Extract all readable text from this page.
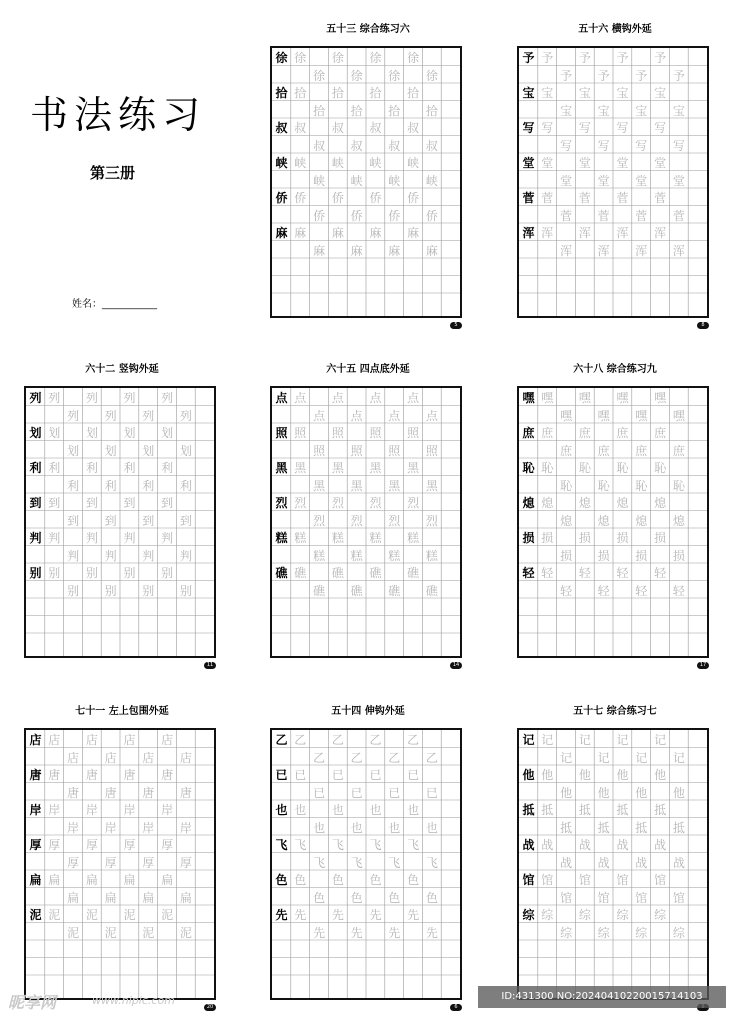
书法练习
第三册
姓名：___________
五十三 综合练习六
徐 徐 徐 徐 徐
徐 徐 徐 徐
拾 拾 拾 拾 拾
拾 拾 拾 拾
叔 叔 叔 叔 叔
叔 叔 叔 叔
峡 峡 峡 峡 峡
峡 峡 峡 峡
侨 侨 侨 侨 侨
侨 侨 侨 侨
麻 麻 麻 麻 麻
麻 麻 麻 麻
5
五十六 横钩外延
予 予 予 予 予
予 予 予 予
宝 宝 宝 宝 宝
宝 宝 宝 宝
写 写 写 写 写
写 写 写 写
堂 堂 堂 堂 堂
堂 堂 堂 堂
菅 菅 菅 菅 菅
菅 菅 菅 菅
浑 浑 浑 浑 浑
浑 浑 浑 浑
8
六十二 竖钩外延
列 列 列 列 列
列 列 列 列
划 划 划 划 划
划 划 划 划
利 利 利 利 利
利 利 利 利
到 到 到 到 到
到 到 到 到
判 判 判 判 判
判 判 判 判
别 别 别 别 别
别 别 别 别
11
六十五 四点底外延
点 点 点 点 点
点 点 点 点
照 照 照 照 照
照 照 照 照
黑 黑 黑 黑 黑
黑 黑 黑 黑
烈 烈 烈 烈 烈
烈 烈 烈 烈
糕 糕 糕 糕 糕
糕 糕 糕 糕
礁 礁 礁 礁 礁
礁 礁 礁 礁
14
六十八 综合练习九
嘿 嘿 嘿 嘿 嘿
嘿 嘿 嘿 嘿
庶 庶 庶 庶 庶
庶 庶 庶 庶
恥 恥 恥 恥 恥
恥 恥 恥 恥
熄 熄 熄 熄 熄
熄 熄 熄 熄
损 损 损 损 损
损 损 损 损
轻 轻 轻 轻 轻
轻 轻 轻 轻
17
七十一 左上包围外延
店 店 店 店 店
店 店 店 店
唐 唐 唐 唐 唐
唐 唐 唐 唐
岸 岸 岸 岸 岸
岸 岸 岸 岸
厚 厚 厚 厚 厚
厚 厚 厚 厚
扁 扁 扁 扁 扁
扁 扁 扁 扁
泥 泥 泥 泥 泥
泥 泥 泥 泥
20
五十四 伸钩外延
乙 乙 乙 乙 乙
乙 乙 乙 乙
已 已 已 已 已
已 已 已 已
也 也 也 也 也
也 也 也 也
飞 飞 飞 飞 飞
飞 飞 飞 飞
色 色 色 色 色
色 色 色 色
先 先 先 先 先
先 先 先 先
6
五十七 综合练习七
记 记 记 记 记
记 记 记 记
他 他 他 他 他
他 他 他 他
抵 抵 抵 抵 抵
抵 抵 抵 抵
战 战 战 战 战
战 战 战 战
馆 馆 馆 馆 馆
馆 馆 馆 馆
综 综 综 综 综
综 综 综 综
昵享网	www.nipic.com	ID:431300 NO:20240410220015714103
